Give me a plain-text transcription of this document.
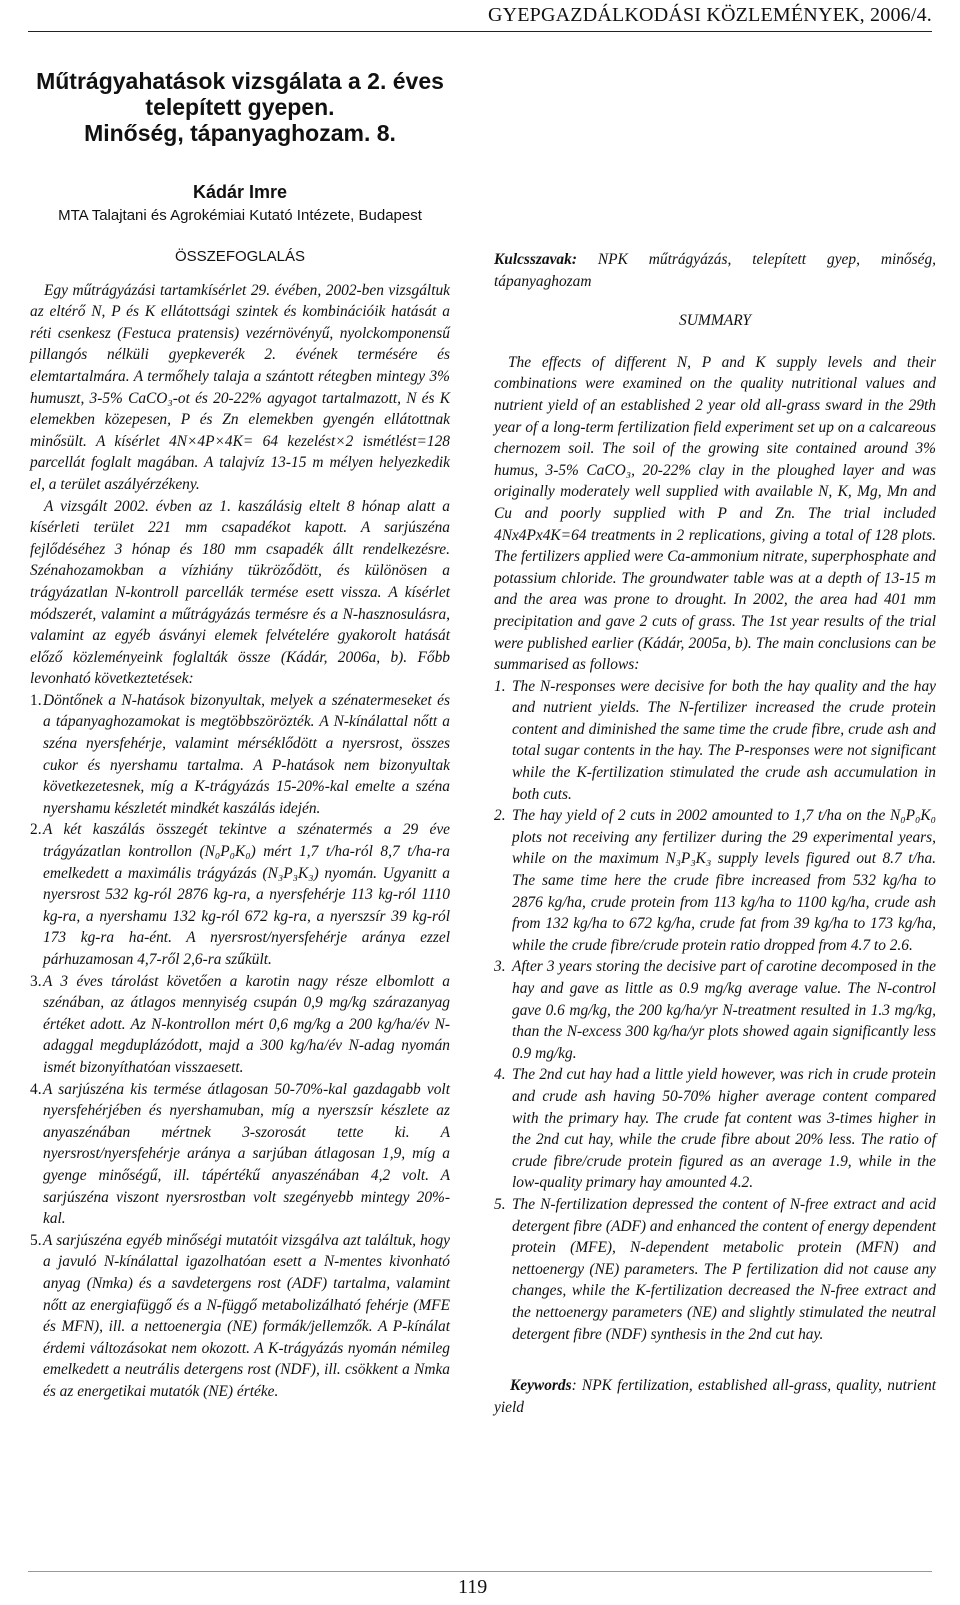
GYEPGAZDÁLKODÁSI KÖZLEMÉNYEK, 2006/4.
Műtrágyahatások vizsgálata a 2. éves
telepített gyepen.
Minőség, tápanyaghozam. 8.
Kádár Imre
MTA Talajtani és Agrokémiai Kutató Intézete, Budapest
ÖSSZEFOGLALÁS

Egy műtrágyázási tartamkísérlet 29. évében, 2002-ben vizsgáltuk az eltérő N, P és K ellátottsági szintek és kombinációik hatását a réti csenkesz (Festuca pratensis) vezérnövényű, nyolckomponensű pillangós nélküli gyepkeverék 2. évének termésére és elemtartalmára. A termőhely talaja a szántott rétegben mintegy 3% humuszt, 3-5% CaCO₃-ot és 20-22% agyagot tartalmazott, N és K elemekben közepesen, P és Zn elemekben gyengén ellátottnak minősült. A kísérlet 4N×4P×4K= 64 kezelést×2 ismétlést=128 parcellát foglalt magában. A talajvíz 13-15 m mélyen helyezkedik el, a terület aszályérzékeny.

A vizsgált 2002. évben az 1. kaszálásig eltelt 8 hónap alatt a kísérleti terület 221 mm csapadékot kapott. A sarjúszéna fejlődéséhez 3 hónap és 180 mm csapadék állt rendelkezésre. Szénahozamokban a vízhiány tükröződött, és különösen a trágyázatlan N-kontroll parcellák termése esett vissza. A kísérlet módszerét, valamint a műtrágyázás termésre és a N-hasznosulásra, valamint az egyéb ásványi elemek felvételére gyakorolt hatását előző közleményeink foglalták össze (Kádár, 2006a, b). Főbb levonható következtetések:

1. Döntőnek a N-hatások bizonyultak, melyek a szénatermeseket és a tápanyaghozamokat is megtöbbszörözték. A N-kínálattal nőtt a széna nyersfehérje, valamint mérséklődött a nyersrost, összes cukor és nyershamu tartalma. A P-hatások nem bizonyultak következetesnek, míg a K-trágyázás 15-20%-kal emelte a széna nyershamu készletét mindkét kaszálás idején.
2. A két kaszálás összegét tekintve a szénatermés a 29 éve trágyázatlan kontrollon (N₀P₀K₀) mért 1,7 t/ha-ról 8,7 t/ha-ra emelkedett a maximális trágyázás (N₃P₃K₃) nyomán. Ugyanitt a nyersrost 532 kg-ról 2876 kg-ra, a nyersfehérje 113 kg-ról 1110 kg-ra, a nyershamu 132 kg-ról 672 kg-ra, a nyerszsír 39 kg-ról 173 kg-ra ha-ént. A nyersrost/nyersfehérje aránya ezzel párhuzamosan 4,7-ről 2,6-ra szűkült.
3. A 3 éves tárolást követően a karotin nagy része elbomlott a szénában, az átlagos mennyiség csupán 0,9 mg/kg szárazanyag értéket adott. Az N-kontrollon mért 0,6 mg/kg a 200 kg/ha/év N-adaggal megduplázódott, majd a 300 kg/ha/év N-adag nyomán ismét bizonyíthatóan visszaesett.
4. A sarjúszéna kis termése átlagosan 50-70%-kal gazdagabb volt nyersfehérjében és nyershamuban, míg a nyerszsír készlete az anyaszénában mértnek 3-szorosát tette ki. A nyersrost/nyersfehérje aránya a sarjúban átlagosan 1,9, míg a gyenge minőségű, ill. tápértékű anyaszénában 4,2 volt. A sarjúszéna viszont nyersrostban volt szegényebb mintegy 20%-kal.
5. A sarjúszéna egyéb minőségi mutatóit vizsgálva azt találtuk, hogy a javuló N-kínálattal igazolhatóan esett a N-mentes kivonható anyag (Nmka) és a savdetergens rost (ADF) tartalma, valamint nőtt az energiafüggő és a N-függő metabolizálható fehérje (MFE és MFN), ill. a nettoenergia (NE) formák/jellemzők. A P-kínálat érdemi változásokat nem okozott. A K-trágyázás nyomán némileg emelkedett a neutrális detergens rost (NDF), ill. csökkent a Nmka és az energetikai mutatók (NE) értéke.

Kulcsszavak: NPK műtrágyázás, telepített gyep, minőség, tápanyaghozam

SUMMARY

The effects of different N, P and K supply levels and their combinations were examined on the quality nutritional values and nutrient yield of an established 2 year old all-grass sward in the 29th year of a long-term fertilization field experiment set up on a calcareous chernozem soil. The soil of the growing site contained around 3% humus, 3-5% CaCO₃, 20-22% clay in the ploughed layer and was originally moderately well supplied with available N, K, Mg, Mn and Cu and poorly supplied with P and Zn. The trial included 4Nx4Px4K=64 treatments in 2 replications, giving a total of 128 plots. The fertilizers applied were Ca-ammonium nitrate, superphosphate and potassium chloride. The groundwater table was at a depth of 13-15 m and the area was prone to drought. In 2002, the area had 401 mm precipitation and gave 2 cuts of grass. The 1st year results of the trial were published earlier (Kádár, 2005a, b). The main conclusions can be summarised as follows:

1. The N-responses were decisive for both the hay quality and the hay and nutrient yields. The N-fertilizer increased the crude protein content and diminished the same time the crude fibre, crude ash and total sugar contents in the hay. The P-responses were not significant while the K-fertilization stimulated the crude ash accumulation in both cuts.
2. The hay yield of 2 cuts in 2002 amounted to 1,7 t/ha on the N₀P₀K₀ plots not receiving any fertilizer during the 29 experimental years, while on the maximum N₃P₃K₃ supply levels figured out 8.7 t/ha. The same time here the crude fibre increased from 532 kg/ha to 2876 kg/ha, crude protein from 113 kg/ha to 1100 kg/ha, crude ash from 132 kg/ha to 672 kg/ha, crude fat from 39 kg/ha to 173 kg/ha, while the crude fibre/crude protein ratio dropped from 4.7 to 2.6.
3. After 3 years storing the decisive part of carotine decomposed in the hay and gave as little as 0.9 mg/kg average value. The N-control gave 0.6 mg/kg, the 200 kg/ha/yr N-treatment resulted in 1.3 mg/kg, than the N-excess 300 kg/ha/yr plots showed again significantly less 0.9 mg/kg.
4. The 2nd cut hay had a little yield however, was rich in crude protein and crude ash having 50-70% higher average content compared with the primary hay. The crude fat content was 3-times higher in the 2nd cut hay, while the crude fibre about 20% less. The ratio of crude fibre/crude protein figured as an average 1.9, while in the low-quality primary hay amounted 4.2.
5. The N-fertilization depressed the content of N-free extract and acid detergent fibre (ADF) and enhanced the content of energy dependent protein (MFE), N-dependent metabolic protein (MFN) and nettoenergy (NE) parameters. The P fertilization did not cause any changes, while the K-fertilization decreased the N-free extract and the nettoenergy parameters (NE) and slightly stimulated the neutral detergent fibre (NDF) synthesis in the 2nd cut hay.

Keywords: NPK fertilization, established all-grass, quality, nutrient yield

119
